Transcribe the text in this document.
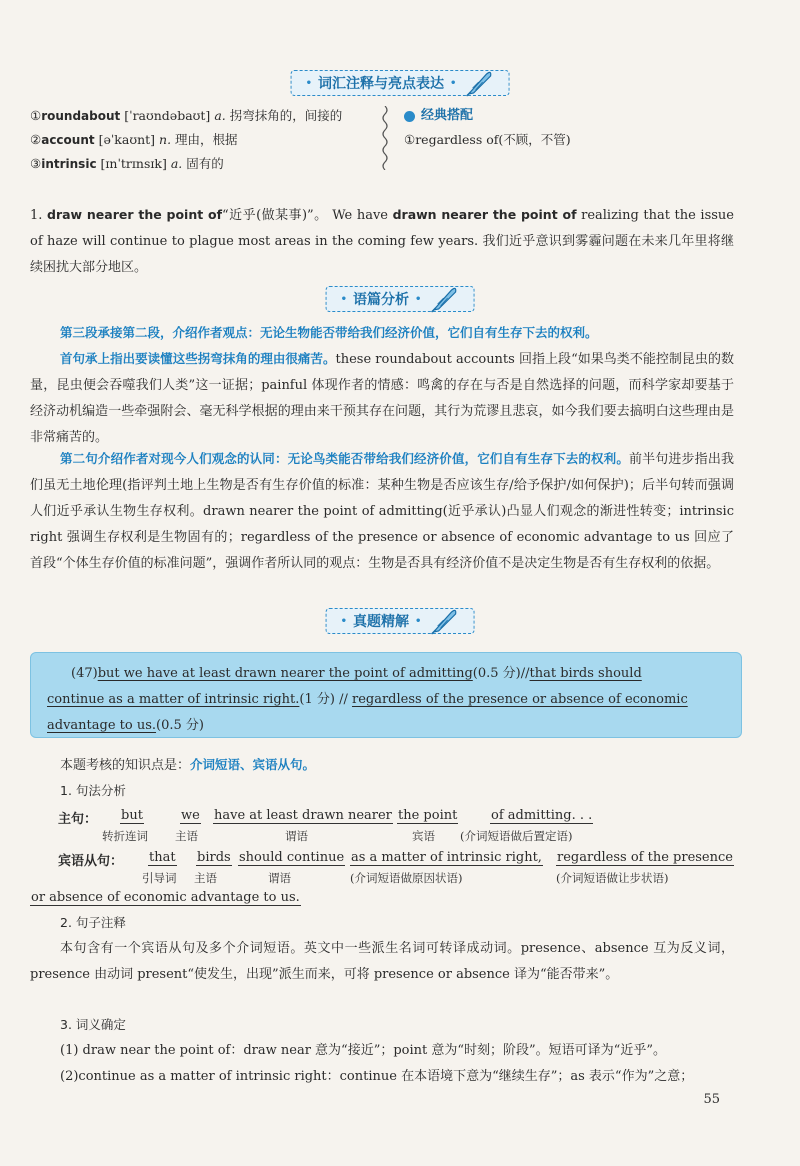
• 词汇注释与亮点表达 •
①roundabout [ˈraʊndəbaʊt] a. 拐弯抹角的，间接的
②account [əˈkaʊnt] n. 理由，根据
③intrinsic [ɪnˈtrɪnsɪk] a. 固有的
经典搭配
①regardless of(不顾，不管)
1. draw nearer the point of“近乎(做某事)”。 We have drawn nearer the point of realizing that the issue of haze will continue to plague most areas in the coming few years. 我们近乎意识到雾霾问题在未来几年里将继续困扰大部分地区。
• 语篇分析 •
第三段承接第二段，介绍作者观点：无论生物能否带给我们经济价值，它们自有生存下去的权利。
首句承上指出要读懂这些拐弯抹角的理由很痛苦。these roundabout accounts 回指上段“如果鸟类不能控制昆虫的数量，昆虫便会吞噬我们人类”这一证据；painful 体现作者的情感：鸣禽的存在与否是自然选择的问题，而科学家却要基于经济动机编造一些牵强附会、毫无科学根据的理由来干预其存在问题，其行为荒谬且悲哀，如今我们要去搞明白这些理由是非常痛苦的。
第二句介绍作者对现今人们观念的认同：无论鸟类能否带给我们经济价值，它们自有生存下去的权利。前半句进步指出我们虽无土地伦理(指评判土地上生物是否有生存价值的标准：某种生物是否应该生存/给予保护/如何保护)；后半句转而强调人们近乎承认生物生存权利。drawn nearer the point of admitting(近乎承认)凸显人们观念的渐进性转变；intrinsic right 强调生存权利是生物固有的；regardless of the presence or absence of economic advantage to us 回应了首段“个体生存价值的标准问题”，强调作者所认同的观点：生物是否具有经济价值不是决定生物是否有生存权利的依据。
• 真题精解 •
(47)but we have at least drawn nearer the point of admitting(0.5 分)//that birds should
continue as a matter of intrinsic right.(1 分) // regardless of the presence or absence of economic
advantage to us.(0.5 分)
本题考核的知识点是：介词短语、宾语从句。
1. 句法分析
主句： but
转折连词
we
主语
have at least drawn nearer
谓语
the point
宾语
of admitting. . .
(介词短语做后置定语)
宾语从句： that
引导词
birds
主语
should continue
谓语
as a matter of intrinsic right,
(介词短语做原因状语)
regardless of the presence
(介词短语做让步状语)
or absence of economic advantage to us.
2. 句子注释
本句含有一个宾语从句及多个介词短语。英文中一些派生名词可转译成动词。presence、absence 互为反义词，presence 由动词 present“使发生，出现”派生而来，可将 presence or absence 译为“能否带来”。
3. 词义确定
(1) draw near the point of：draw near 意为“接近”；point 意为“时刻；阶段”。短语可译为“近乎”。
(2)continue as a matter of intrinsic right：continue 在本语境下意为“继续生存”；as 表示“作为”之意；
55
